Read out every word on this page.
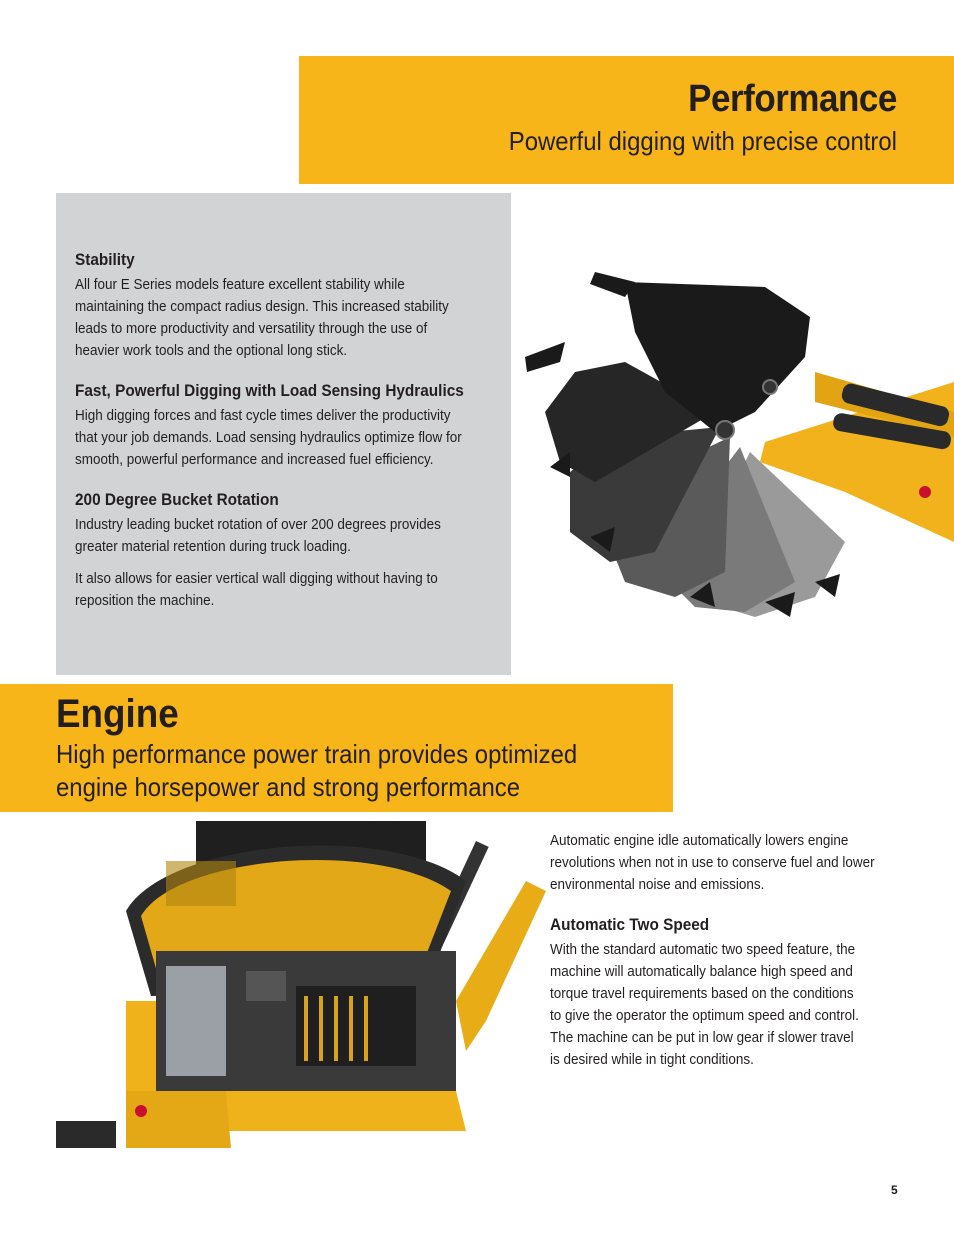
Performance

Powerful digging with precise control

Stability

All four E Series models feature excellent stability while

maintaining the compact radius design. This increased stability

leads to more productivity and versatility through the use of

heavier work tools and the optional long stick.

Fast, Powerful Digging with Load Sensing Hydraulics

High digging forces and fast cycle times deliver the productivity

that your job demands. Load sensing hydraulics optimize flow for

smooth, powerful performance and increased fuel efficiency.

200 Degree Bucket Rotation

Industry leading bucket rotation of over 200 degrees provides

greater material retention during truck loading.

It also allows for easier vertical wall digging without having to

reposition the machine.

Engine

High performance power train provides optimized

engine horsepower and strong performance

Automatic engine idle automatically lowers engine

revolutions when not in use to conserve fuel and lower

environmental noise and emissions.

Automatic Two Speed

With the standard automatic two speed feature, the

machine will automatically balance high speed and

torque travel requirements based on the conditions

to give the operator the optimum speed and control.

The machine can be put in low gear if slower travel

is desired while in tight conditions.

5
